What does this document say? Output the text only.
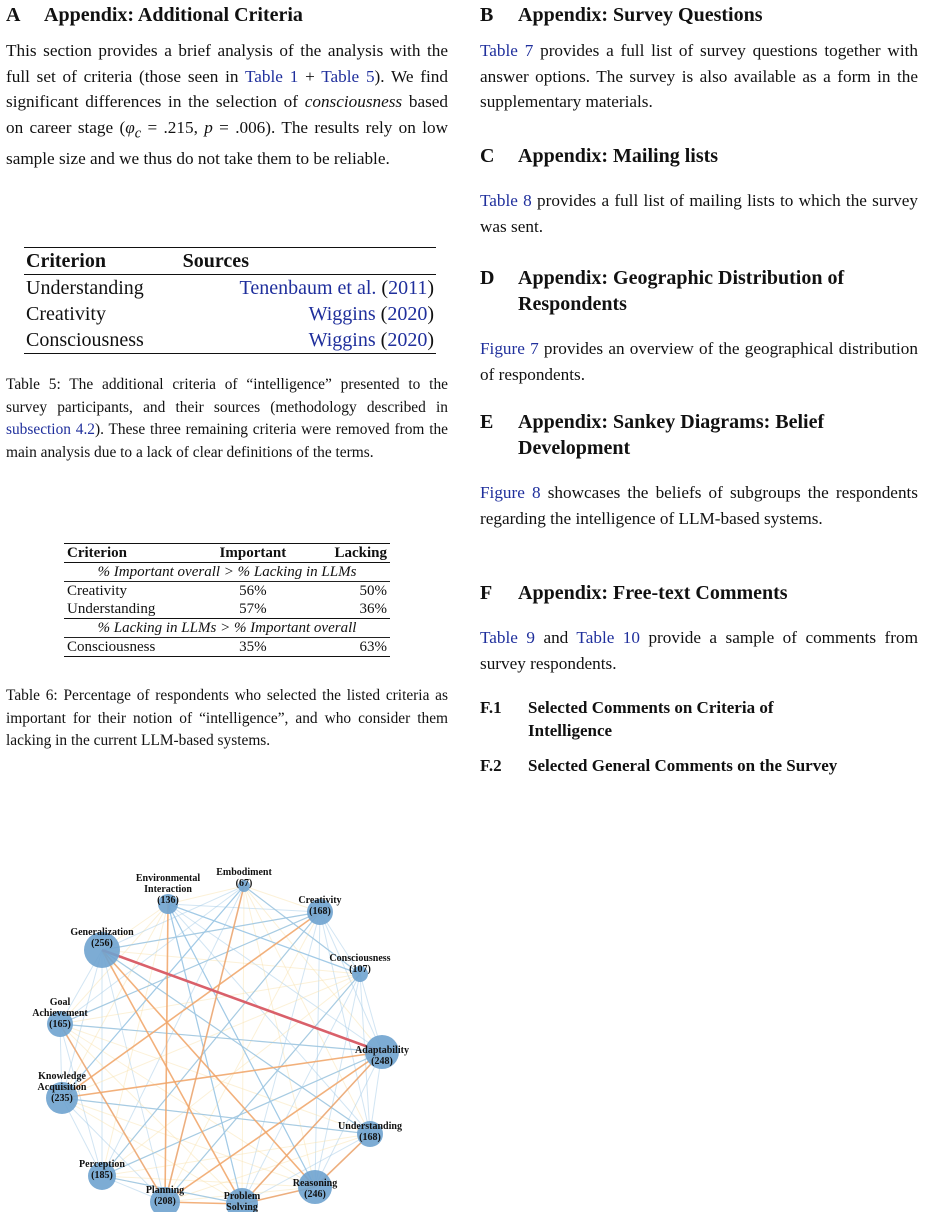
A	Appendix: Additional Criteria

This section provides a brief analysis of the analysis with the full set of criteria (those seen in Table 1 + Table 5). We find significant differences in the selection of consciousness based on career stage ($\varphi_c = .215$, p = .006). The results rely on low sample size and we thus do not take them to be reliable.

Criterion	Sources
Understanding	Tenenbaum et al. (2011)
Creativity	Wiggins (2020)
Consciousness	Wiggins (2020)

Table 5: The additional criteria of “intelligence” presented to the survey participants, and their sources (methodology described in subsection 4.2). These three remaining criteria were removed from the main analysis due to a lack of clear definitions of the terms.

Criterion	Important	Lacking
% Important overall > % Lacking in LLMs		
Creativity	56%	50%
Understanding	57%	36%
% Lacking in LLMs > % Important overall		
Consciousness	35%	63%

Table 6: Percentage of respondents who selected the listed criteria as important for their notion of “intelligence”, and who consider them lacking in the current LLM-based systems.

B	Appendix: Survey Questions

Table 7 provides a full list of survey questions together with answer options. The survey is also available as a form in the supplementary materials.

C	Appendix: Mailing lists

Table 8 provides a full list of mailing lists to which the survey was sent.

D	Appendix: Geographic Distribution of Respondents

Figure 7 provides an overview of the geographical distribution of respondents.

E	Appendix: Sankey Diagrams: Belief Development

Figure 8 showcases the beliefs of subgroups the respondents regarding the intelligence of LLM-based systems.

F	Appendix: Free-text Comments

Table 9 and Table 10 provide a sample of comments from survey respondents.

F.1	Selected Comments on Criteria of Intelligence
F.2	Selected General Comments on the Survey
Environmental
Interaction
(136)
Embodiment
(67)
Creativity
(168)
Generalization
(256)
Consciousness
(107)
Goal
Achievement
(165)
Adaptability
(248)
Knowledge
Acquisition
(235)
Understanding
(168)
Perception
(185)
Reasoning
(246)
Planning
(208)	Problem
Solving
